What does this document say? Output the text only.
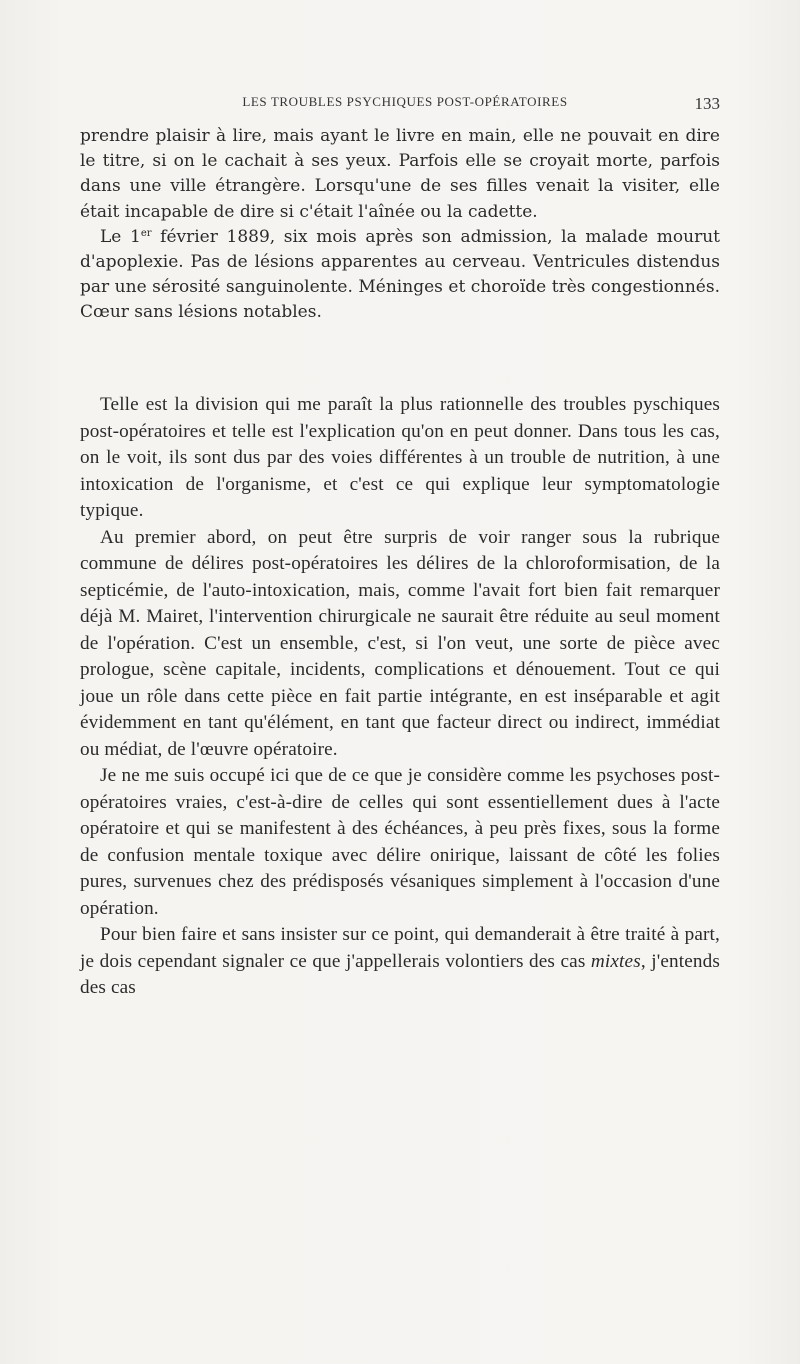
LES TROUBLES PSYCHIQUES POST-OPÉRATOIRES	133

prendre plaisir à lire, mais ayant le livre en main, elle ne pouvait en dire le titre, si on le cachait à ses yeux. Parfois elle se croyait morte, parfois dans une ville étrangère. Lorsqu'une de ses filles venait la visiter, elle était incapable de dire si c'était l'aînée ou la cadette.

Le 1er février 1889, six mois après son admission, la malade mourut d'apoplexie. Pas de lésions apparentes au cerveau. Ventricules distendus par une sérosité sanguinolente. Méninges et choroïde très congestionnés. Cœur sans lésions notables.

Telle est la division qui me paraît la plus rationnelle des troubles pyschiques post-opératoires et telle est l'explication qu'on en peut donner. Dans tous les cas, on le voit, ils sont dus par des voies différentes à un trouble de nutrition, à une intoxication de l'organisme, et c'est ce qui explique leur symptomatologie typique.

Au premier abord, on peut être surpris de voir ranger sous la rubrique commune de délires post-opératoires les délires de la chloroformisation, de la septicémie, de l'auto-intoxication, mais, comme l'avait fort bien fait remarquer déjà M. Mairet, l'intervention chirurgicale ne saurait être réduite au seul moment de l'opération. C'est un ensemble, c'est, si l'on veut, une sorte de pièce avec prologue, scène capitale, incidents, complications et dénouement. Tout ce qui joue un rôle dans cette pièce en fait partie intégrante, en est inséparable et agit évidemment en tant qu'élément, en tant que facteur direct ou indirect, immédiat ou médiat, de l'œuvre opératoire.

Je ne me suis occupé ici que de ce que je considère comme les psychoses post-opératoires vraies, c'est-à-dire de celles qui sont essentiellement dues à l'acte opératoire et qui se manifestent à des échéances, à peu près fixes, sous la forme de confusion mentale toxique avec délire onirique, laissant de côté les folies pures, survenues chez des prédisposés vésaniques simplement à l'occasion d'une opération.

Pour bien faire et sans insister sur ce point, qui demanderait à être traité à part, je dois cependant signaler ce que j'appellerais volontiers des cas mixtes, j'entends des cas
